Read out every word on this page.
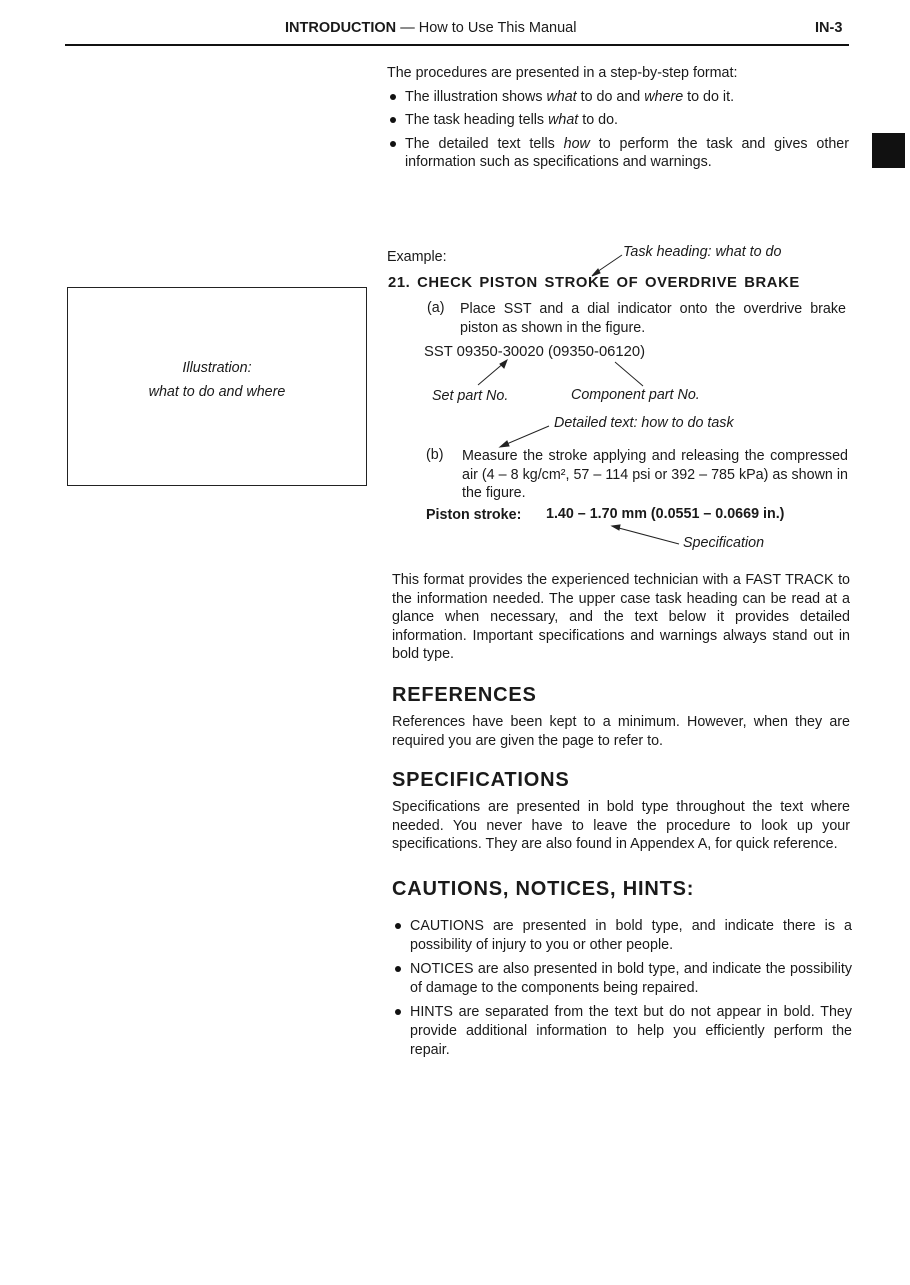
INTRODUCTION — How to Use This Manual	IN-3
The procedures are presented in a step-by-step format:
The illustration shows what to do and where to do it.
The task heading tells what to do.
The detailed text tells how to perform the task and gives other information such as specifications and warnings.
Illustration:
what to do and where
Example:	Task heading: what to do
21. CHECK PISTON STROKE OF OVERDRIVE BRAKE
(a) Place SST and a dial indicator onto the overdrive brake piston as shown in the figure.
SST 09350-30020 (09350-06120)
Set part No.	Component part No.
Detailed text: how to do task
(b) Measure the stroke applying and releasing the compressed air (4 – 8 kg/cm², 57 – 114 psi or 392 – 785 kPa) as shown in the figure.
Piston stroke: 1.40 – 1.70 mm (0.0551 – 0.0669 in.)
Specification
This format provides the experienced technician with a FAST TRACK to the information needed. The upper case task heading can be read at a glance when necessary, and the text below it provides detailed information. Important specifications and warnings always stand out in bold type.
REFERENCES
References have been kept to a minimum. However, when they are required you are given the page to refer to.
SPECIFICATIONS
Specifications are presented in bold type throughout the text where needed. You never have to leave the procedure to look up your specifications. They are also found in Appendex A, for quick reference.
CAUTIONS, NOTICES, HINTS:
CAUTIONS are presented in bold type, and indicate there is a possibility of injury to you or other people.
NOTICES are also presented in bold type, and indicate the possibility of damage to the components being repaired.
HINTS are separated from the text but do not appear in bold. They provide additional information to help you efficiently perform the repair.
